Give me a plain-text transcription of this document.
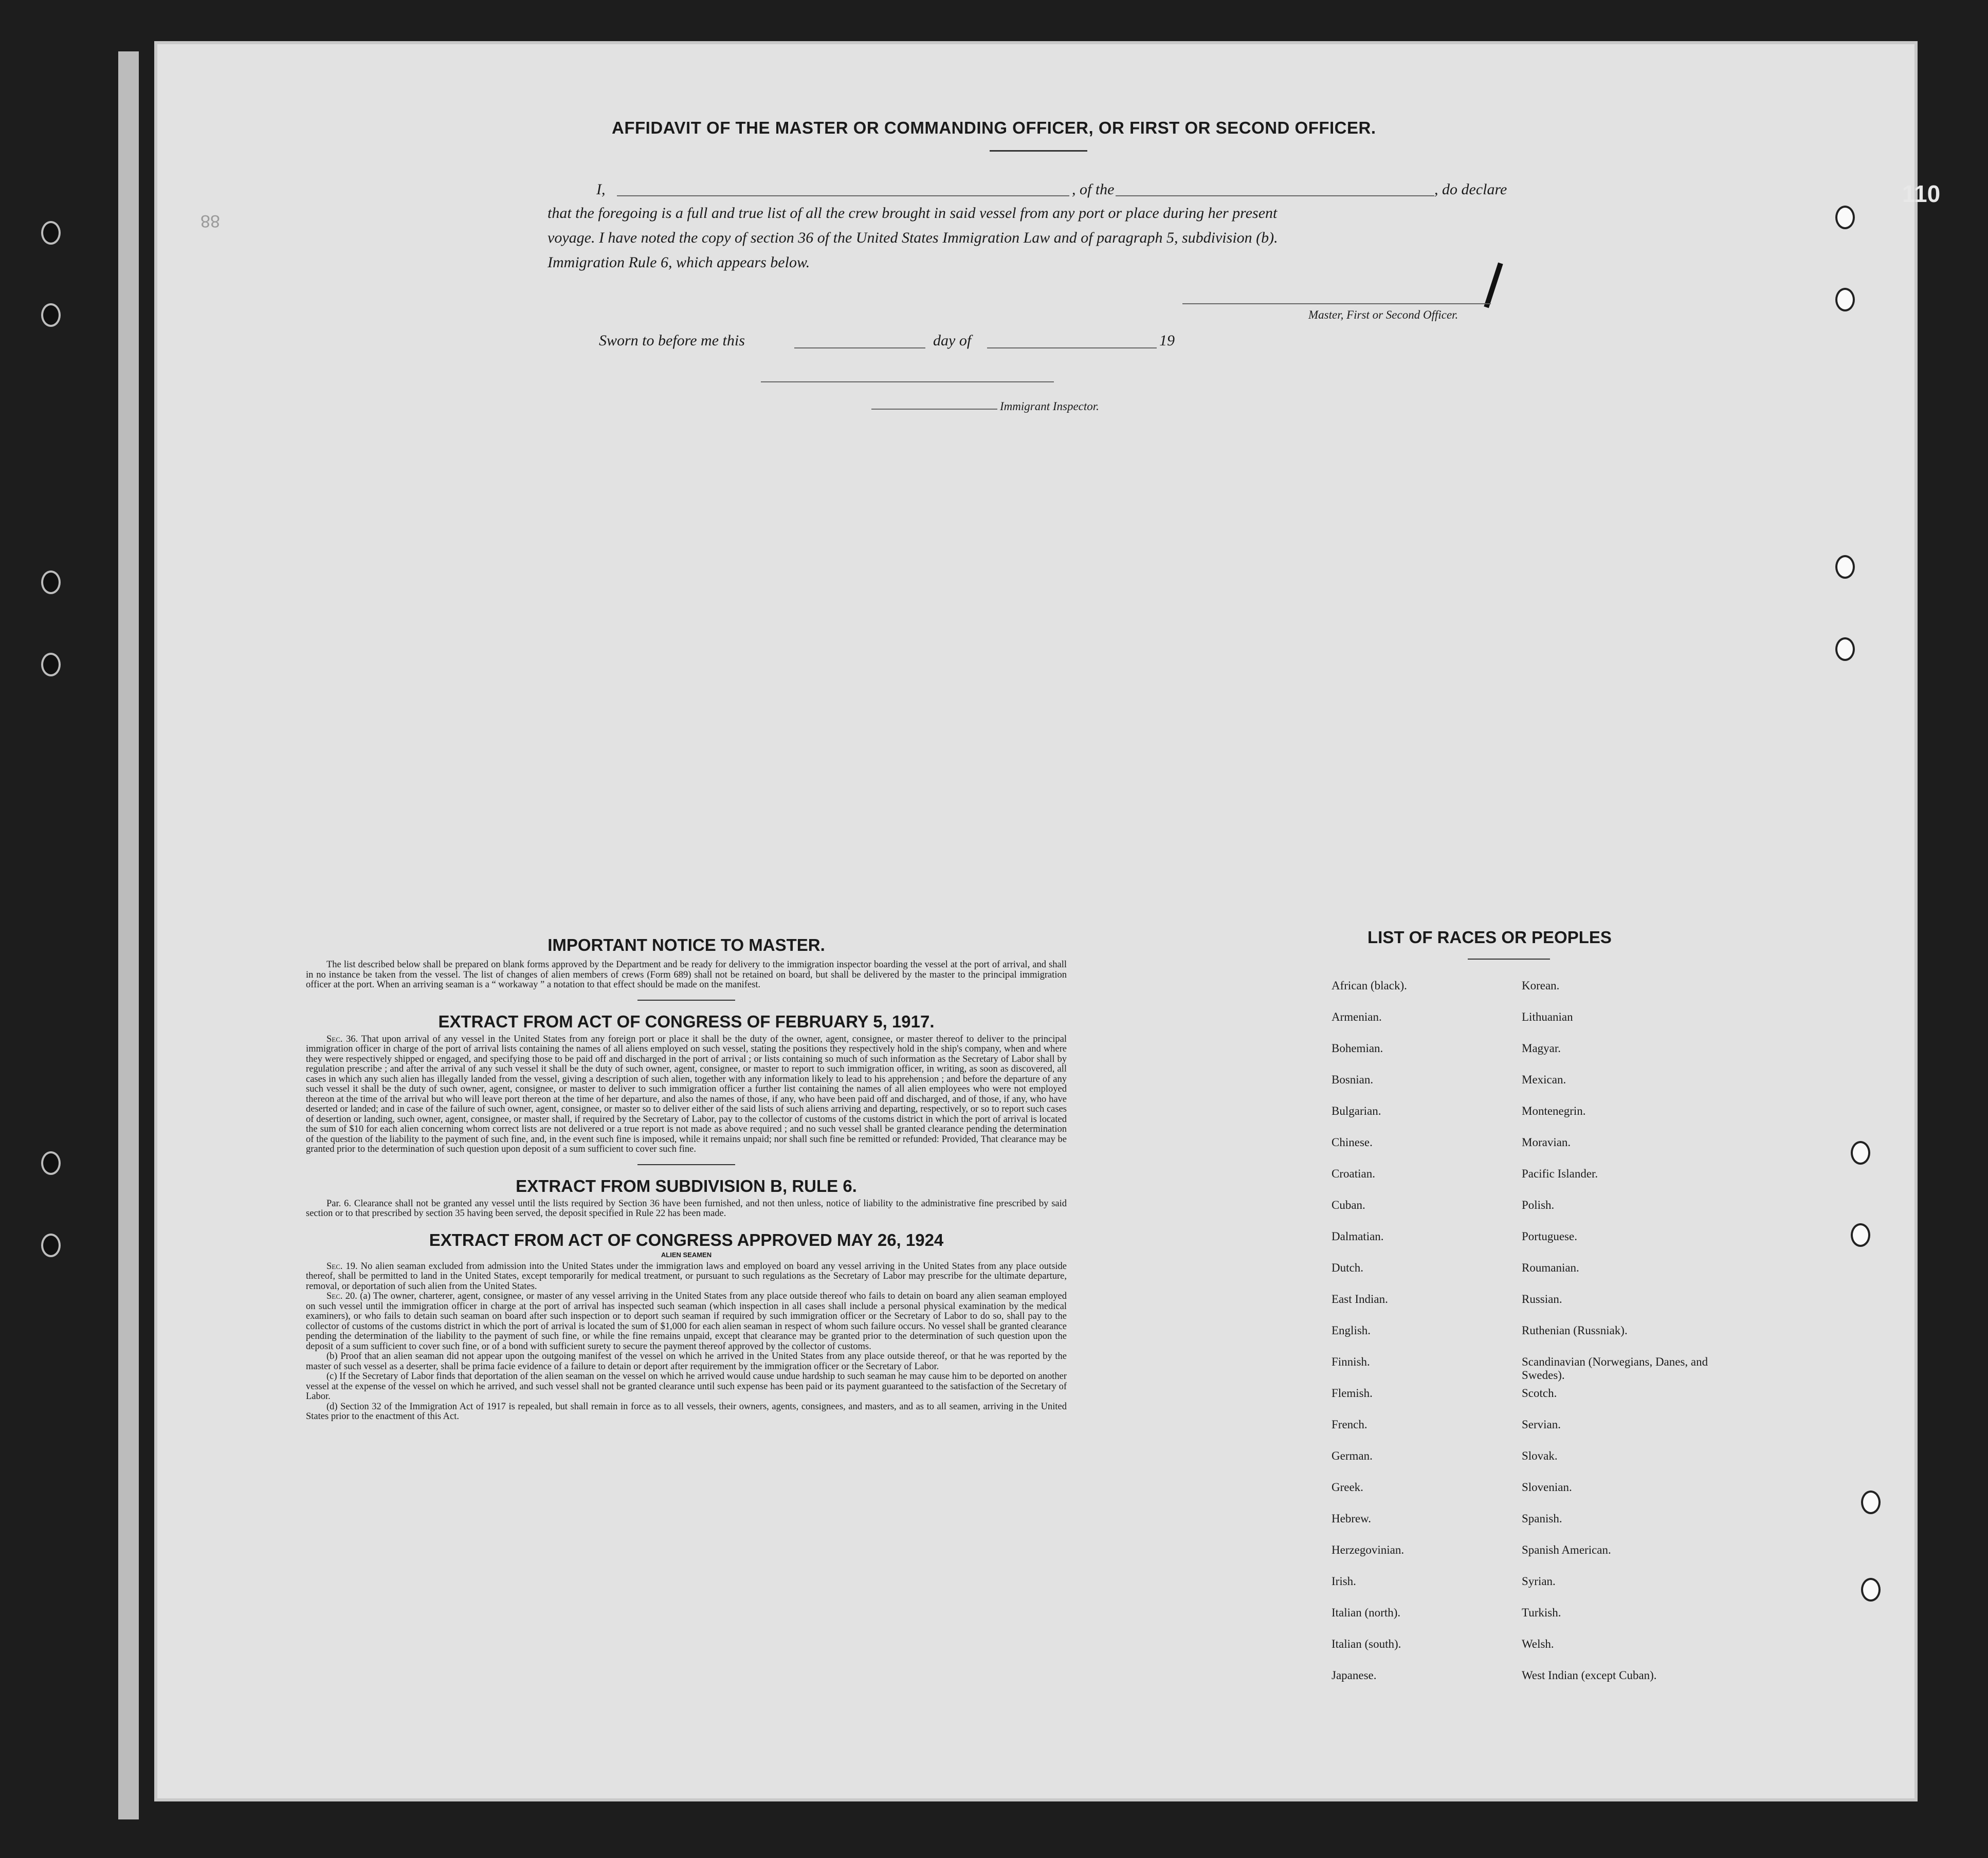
110
88
AFFIDAVIT OF THE MASTER OR COMMANDING OFFICER, OR FIRST OR SECOND OFFICER.
I,	, of the	, do declare
that the foregoing is a full and true list of all the crew brought in said vessel from any port or place during her present
voyage. I have noted the copy of section 36 of the United States Immigration Law and of paragraph 5, subdivision (b).
Immigration Rule 6, which appears below.
Master, First or Second Officer.
Sworn to before me this	day of	19
Immigrant Inspector.

IMPORTANT NOTICE TO MASTER.

The list described below shall be prepared on blank forms approved by the Department and be ready for delivery to the immigration inspector boarding the vessel at the port of arrival, and shall in no instance be taken from the vessel. The list of changes of alien members of crews (Form 689) shall not be retained on board, but shall be delivered by the master to the principal immigration officer at the port. When an arriving seaman is a “ workaway ” a notation to that effect should be made on the manifest.

EXTRACT FROM ACT OF CONGRESS OF FEBRUARY 5, 1917.

Sec. 36. That upon arrival of any vessel in the United States from any foreign port or place it shall be the duty of the owner, agent, consignee, or master thereof to deliver to the principal immigration officer in charge of the port of arrival lists containing the names of all aliens employed on such vessel, stating the positions they respectively hold in the ship's company, when and where they were respectively shipped or engaged, and specifying those to be paid off and discharged in the port of arrival ; or lists containing so much of such information as the Secretary of Labor shall by regulation prescribe ; and after the arrival of any such vessel it shall be the duty of such owner, agent, consignee, or master to report to such immigration officer, in writing, as soon as discovered, all cases in which any such alien has illegally landed from the vessel, giving a description of such alien, together with any information likely to lead to his apprehension ; and before the departure of any such vessel it shall be the duty of such owner, agent, consignee, or master to deliver to such immigration officer a further list containing the names of all alien employees who were not employed thereon at the time of the arrival but who will leave port thereon at the time of her departure, and also the names of those, if any, who have been paid off and discharged, and of those, if any, who have deserted or landed; and in case of the failure of such owner, agent, consignee, or master so to deliver either of the said lists of such aliens arriving and departing, respectively, or so to report such cases of desertion or landing, such owner, agent, consignee, or master shall, if required by the Secretary of Labor, pay to the collector of customs of the customs district in which the port of arrival is located the sum of $10 for each alien concerning whom correct lists are not delivered or a true report is not made as above required ; and no such vessel shall be granted clearance pending the determination of the question of the liability to the payment of such fine, and, in the event such fine is imposed, while it remains unpaid; nor shall such fine be remitted or refunded: Provided, That clearance may be granted prior to the determination of such question upon deposit of a sum sufficient to cover such fine.

EXTRACT FROM SUBDIVISION B, RULE 6.

Par. 6. Clearance shall not be granted any vessel until the lists required by Section 36 have been furnished, and not then unless, notice of liability to the administrative fine prescribed by said section or to that prescribed by section 35 having been served, the deposit specified in Rule 22 has been made.

EXTRACT FROM ACT OF CONGRESS APPROVED MAY 26, 1924

ALIEN SEAMEN

Sec. 19. No alien seaman excluded from admission into the United States under the immigration laws and employed on board any vessel arriving in the United States from any place outside thereof, shall be permitted to land in the United States, except temporarily for medical treatment, or pursuant to such regulations as the Secretary of Labor may prescribe for the ultimate departure, removal, or deportation of such alien from the United States.

Sec. 20. (a) The owner, charterer, agent, consignee, or master of any vessel arriving in the United States from any place outside thereof who fails to detain on board any alien seaman employed on such vessel until the immigration officer in charge at the port of arrival has inspected such seaman (which inspection in all cases shall include a personal physical examination by the medical examiners), or who fails to detain such seaman on board after such inspection or to deport such seaman if required by such immigration officer or the Secretary of Labor to do so, shall pay to the collector of customs of the customs district in which the port of arrival is located the sum of $1,000 for each alien seaman in respect of whom such failure occurs. No vessel shall be granted clearance pending the determination of the liability to the payment of such fine, or while the fine remains unpaid, except that clearance may be granted prior to the determination of such question upon the deposit of a sum sufficient to cover such fine, or of a bond with sufficient surety to secure the payment thereof approved by the collector of customs.

(b) Proof that an alien seaman did not appear upon the outgoing manifest of the vessel on which he arrived in the United States from any place outside thereof, or that he was reported by the master of such vessel as a deserter, shall be prima facie evidence of a failure to detain or deport after requirement by the immigration officer or the Secretary of Labor.

(c) If the Secretary of Labor finds that deportation of the alien seaman on the vessel on which he arrived would cause undue hardship to such seaman he may cause him to be deported on another vessel at the expense of the vessel on which he arrived, and such vessel shall not be granted clearance until such expense has been paid or its payment guaranteed to the satisfaction of the Secretary of Labor.

(d) Section 32 of the Immigration Act of 1917 is repealed, but shall remain in force as to all vessels, their owners, agents, consignees, and masters, and as to all seamen, arriving in the United States prior to the enactment of this Act.

LIST OF RACES OR PEOPLES
African (black).	Korean.
Armenian.	Lithuanian
Bohemian.	Magyar.
Bosnian.	Mexican.
Bulgarian.	Montenegrin.
Chinese.	Moravian.
Croatian.	Pacific Islander.
Cuban.	Polish.
Dalmatian.	Portuguese.
Dutch.	Roumanian.
East Indian.	Russian.
English.	Ruthenian (Russniak).
Finnish.	Scandinavian (Norwegians, Danes, and Swedes).
Flemish.	Scotch.
French.	Servian.
German.	Slovak.
Greek.	Slovenian.
Hebrew.	Spanish.
Herzegovinian.	Spanish American.
Irish.	Syrian.
Italian (north).	Turkish.
Italian (south).	Welsh.
Japanese.	West Indian (except Cuban).
